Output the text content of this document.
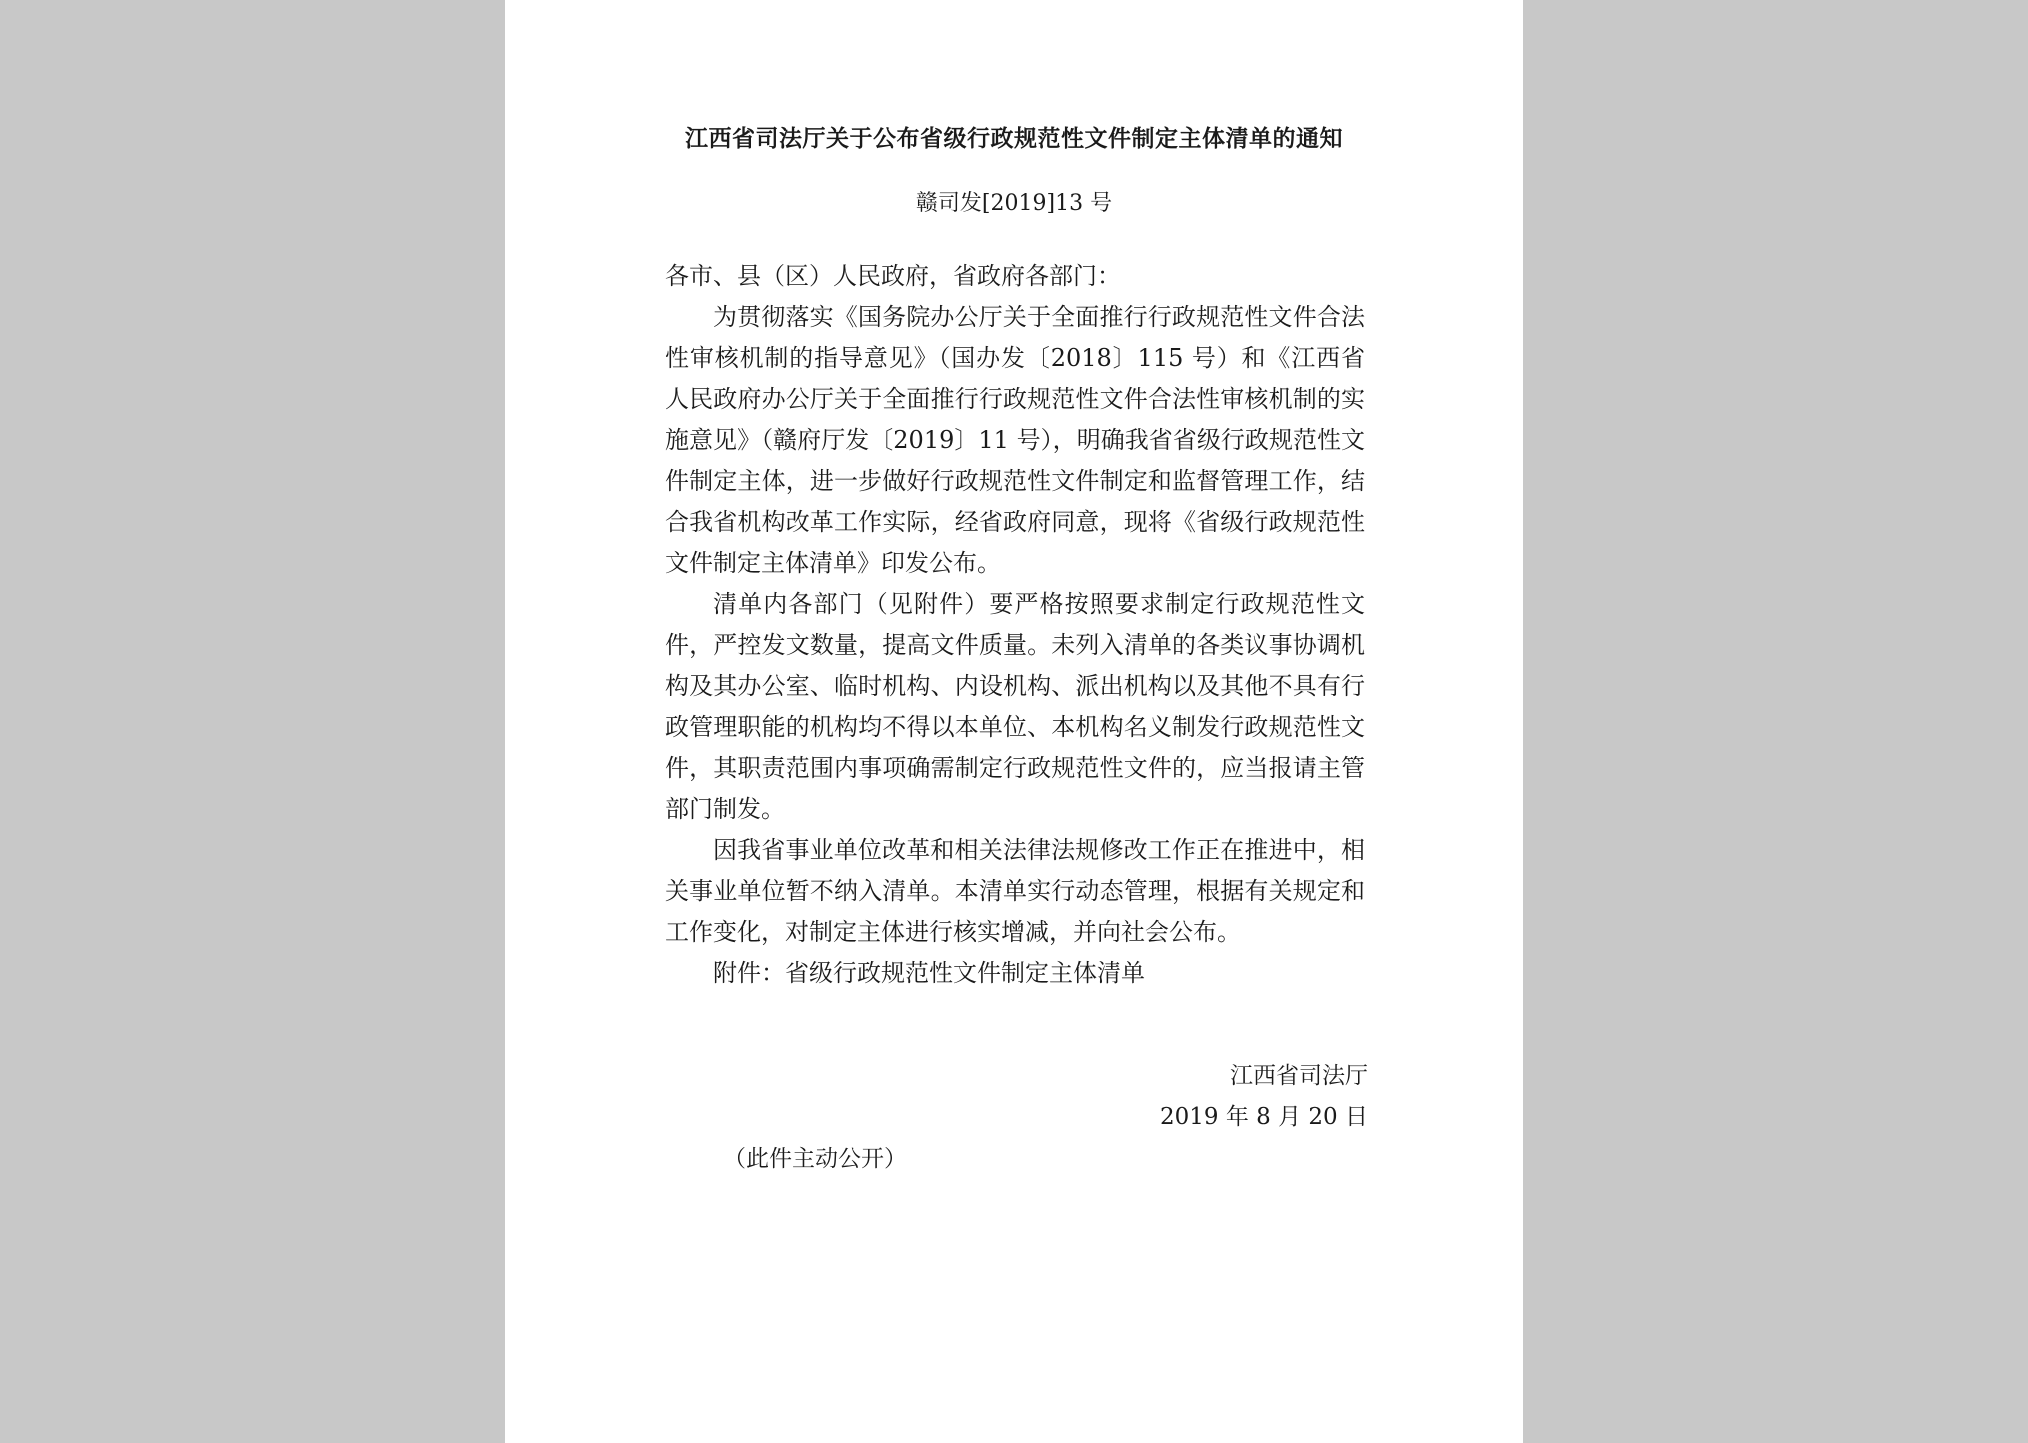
江西省司法厅关于公布省级行政规范性文件制定主体清单的通知
赣司发[2019]13 号

各市、县（区）人民政府，省政府各部门：

为贯彻落实《国务院办公厅关于全面推行行政规范性文件合法性审核机制的指导意见》（国办发〔2018〕115 号）和《江西省人民政府办公厅关于全面推行行政规范性文件合法性审核机制的实施意见》（赣府厅发〔2019〕11 号），明确我省省级行政规范性文件制定主体，进一步做好行政规范性文件制定和监督管理工作，结合我省机构改革工作实际，经省政府同意，现将《省级行政规范性文件制定主体清单》印发公布。

清单内各部门（见附件）要严格按照要求制定行政规范性文件，严控发文数量，提高文件质量。未列入清单的各类议事协调机构及其办公室、临时机构、内设机构、派出机构以及其他不具有行政管理职能的机构均不得以本单位、本机构名义制发行政规范性文件，其职责范围内事项确需制定行政规范性文件的，应当报请主管部门制发。

因我省事业单位改革和相关法律法规修改工作正在推进中，相关事业单位暂不纳入清单。本清单实行动态管理，根据有关规定和工作变化，对制定主体进行核实增减，并向社会公布。

附件：省级行政规范性文件制定主体清单

江西省司法厅
2019 年 8 月 20 日
（此件主动公开）
